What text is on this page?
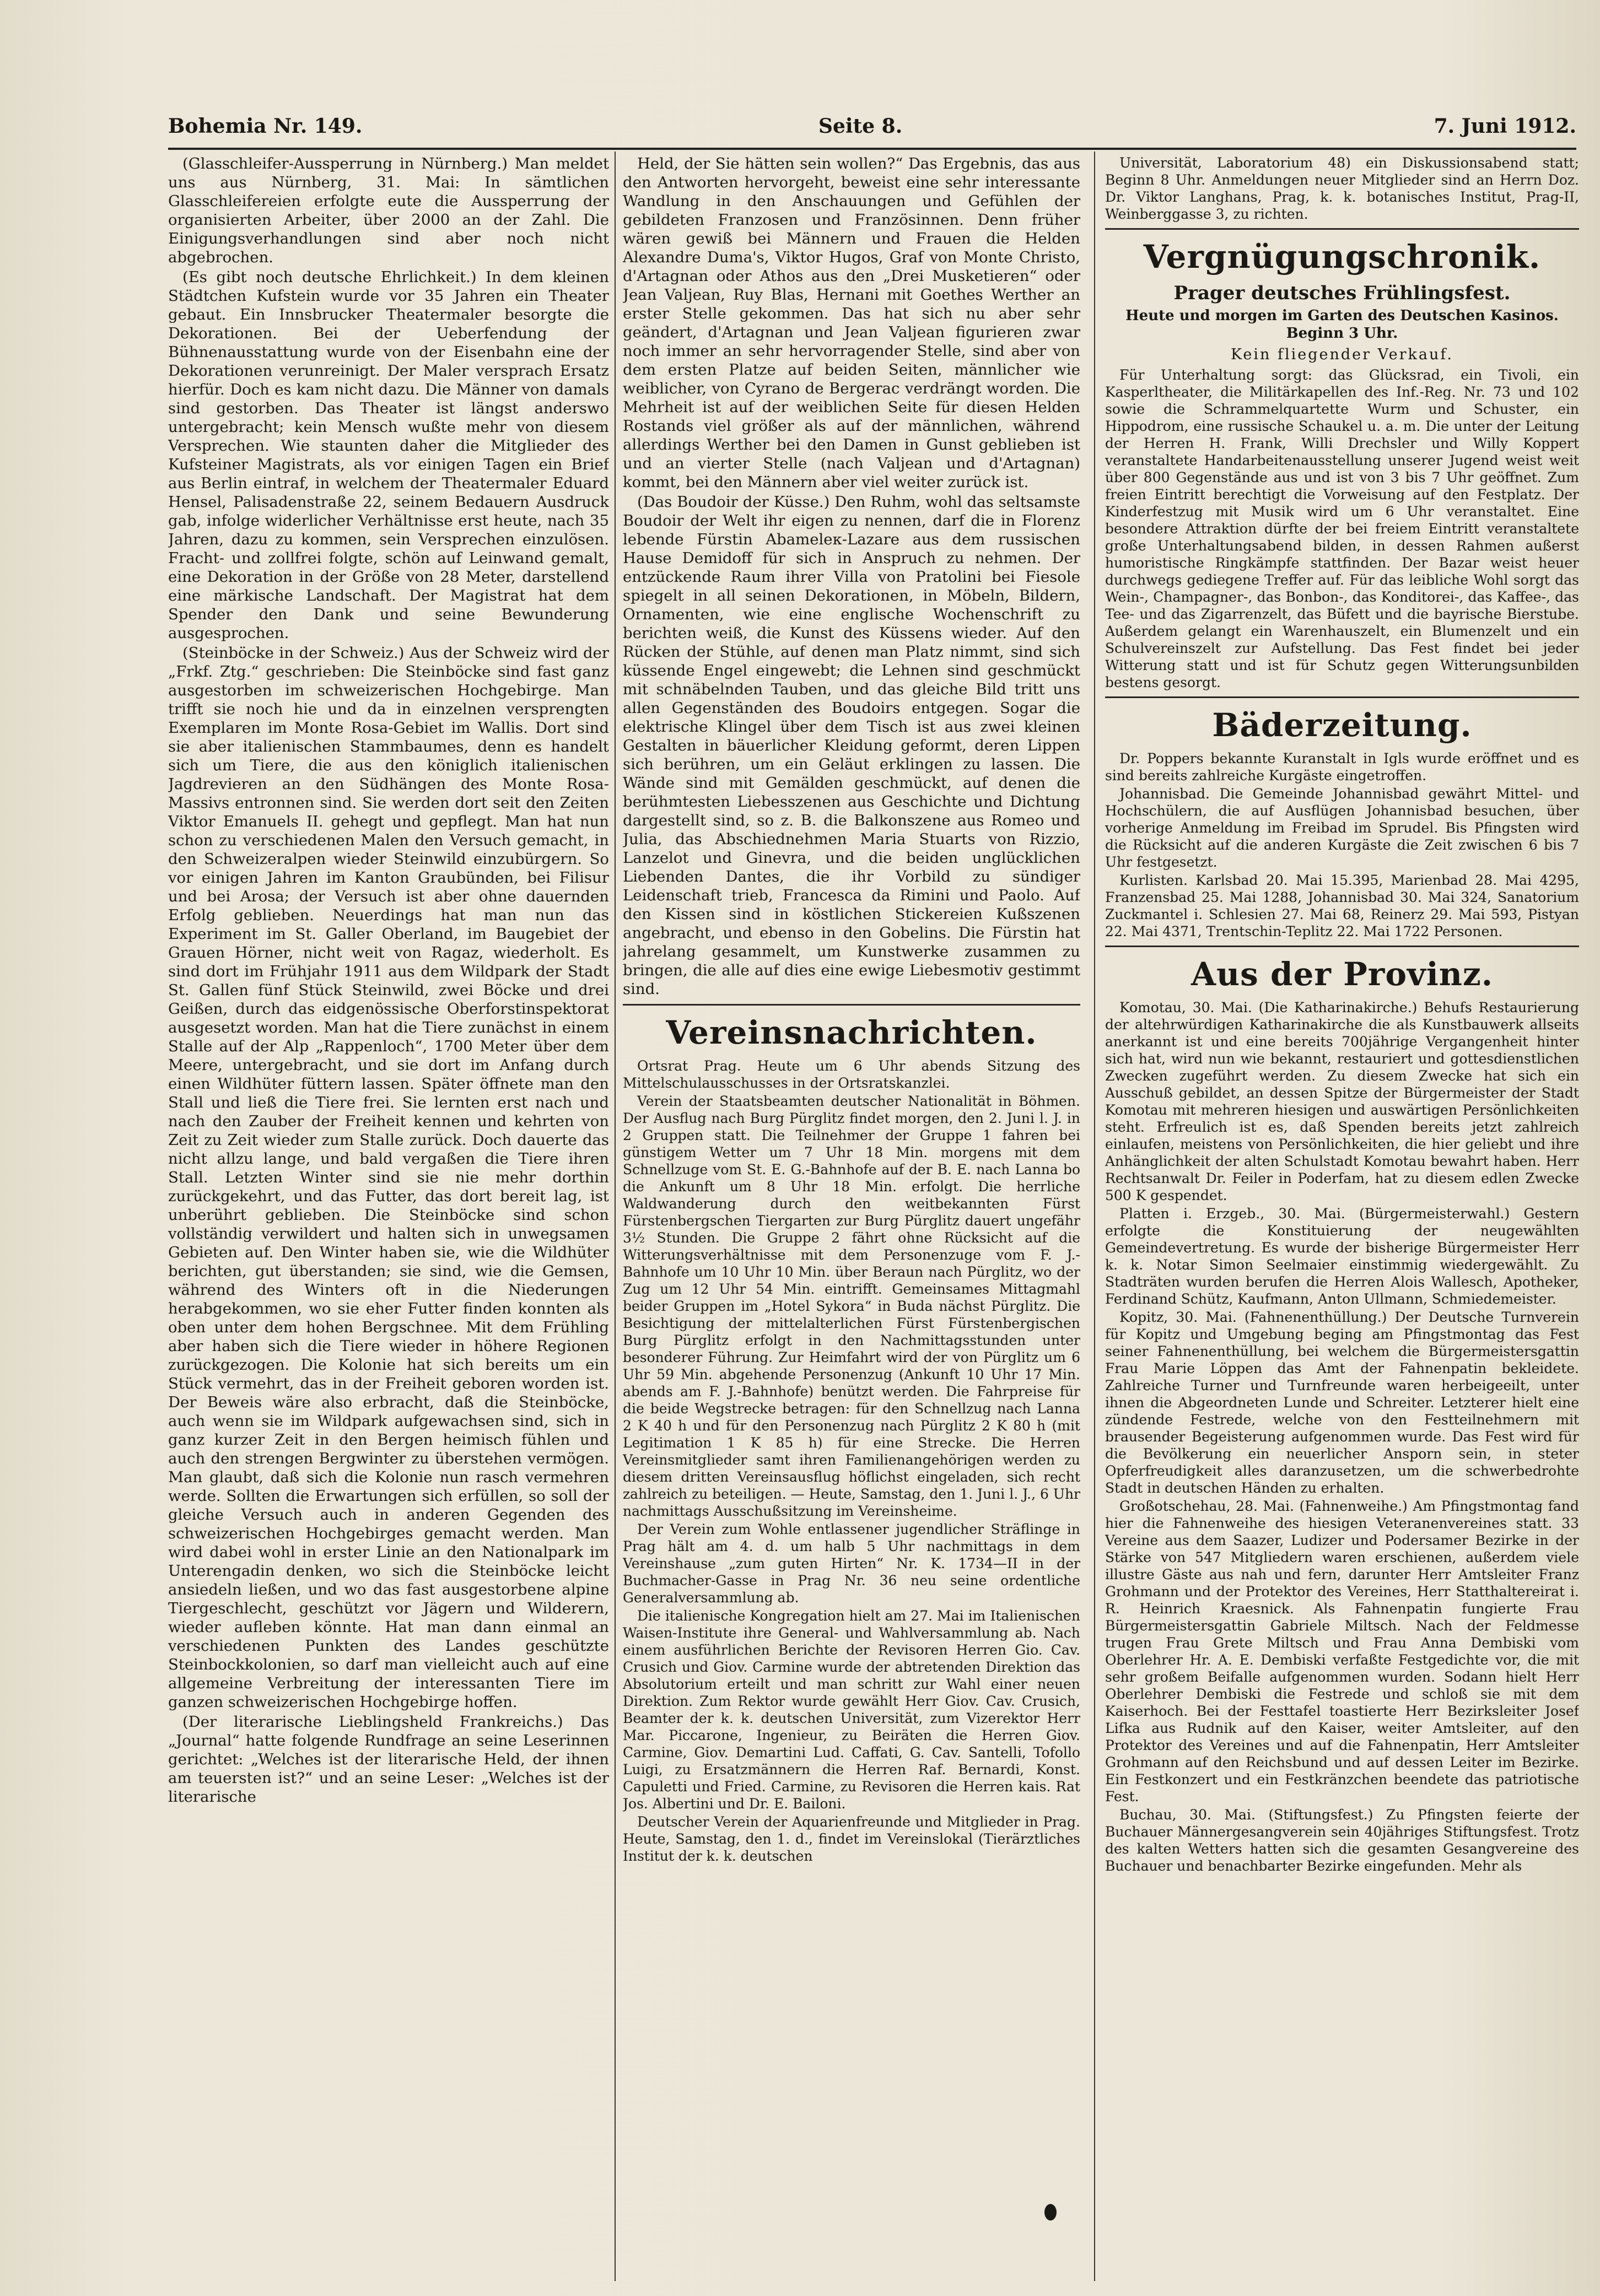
Bohemia Nr. 149.	Seite 8.	7. Juni 1912.

(Glasschleifer-Aussperrung in Nürnberg.) Man meldet uns aus Nürnberg, 31. Mai: In sämtlichen Glasschleifereien erfolgte eute die Aussperrung der organisierten Arbeiter, über 2000 an der Zahl. Die Einigungsverhandlungen sind aber noch nicht abgebrochen.

(Es gibt noch deutsche Ehrlichkeit.) In dem kleinen Städtchen Kufstein wurde vor 35 Jahren ein Theater gebaut. Ein Innsbrucker Theatermaler besorgte die Dekorationen. Bei der Ueberfendung der Bühnenausstattung wurde von der Eisenbahn eine der Dekorationen verunreinigt. Der Maler versprach Ersatz hierfür. Doch es kam nicht dazu. Die Männer von damals sind gestorben. Das Theater ist längst anderswo untergebracht; kein Mensch wußte mehr von diesem Versprechen. Wie staunten daher die Mitglieder des Kufsteiner Magistrats, als vor einigen Tagen ein Brief aus Berlin eintraf, in welchem der Theatermaler Eduard Hensel, Palisadenstraße 22, seinem Bedauern Ausdruck gab, infolge widerlicher Verhältnisse erst heute, nach 35 Jahren, dazu zu kommen, sein Versprechen einzulösen. Fracht- und zollfrei folgte, schön auf Leinwand gemalt, eine Dekoration in der Größe von 28 Meter, darstellend eine märkische Landschaft. Der Magistrat hat dem Spender den Dank und seine Bewunderung ausgesprochen.

(Steinböcke in der Schweiz.) Aus der Schweiz wird der „Frkf. Ztg.“ geschrieben: Die Steinböcke sind fast ganz ausgestorben im schweizerischen Hochgebirge. Man trifft sie noch hie und da in einzelnen versprengten Exemplaren im Monte Rosa-Gebiet im Wallis. Dort sind sie aber italienischen Stammbaumes, denn es handelt sich um Tiere, die aus den königlich italienischen Jagdrevieren an den Südhängen des Monte Rosa-Massivs entronnen sind. Sie werden dort seit den Zeiten Viktor Emanuels II. gehegt und gepflegt. Man hat nun schon zu verschiedenen Malen den Versuch gemacht, in den Schweizeralpen wieder Steinwild einzubürgern. So vor einigen Jahren im Kanton Graubünden, bei Filisur und bei Arosa; der Versuch ist aber ohne dauernden Erfolg geblieben. Neuerdings hat man nun das Experiment im St. Galler Oberland, im Baugebiet der Grauen Hörner, nicht weit von Ragaz, wiederholt. Es sind dort im Frühjahr 1911 aus dem Wildpark der Stadt St. Gallen fünf Stück Steinwild, zwei Böcke und drei Geißen, durch das eidgenössische Oberforstinspektorat ausgesetzt worden. Man hat die Tiere zunächst in einem Stalle auf der Alp „Rappenloch“, 1700 Meter über dem Meere, untergebracht, und sie dort im Anfang durch einen Wildhüter füttern lassen. Später öffnete man den Stall und ließ die Tiere frei. Sie lernten erst nach und nach den Zauber der Freiheit kennen und kehrten von Zeit zu Zeit wieder zum Stalle zurück. Doch dauerte das nicht allzu lange, und bald vergaßen die Tiere ihren Stall. Letzten Winter sind sie nie mehr dorthin zurückgekehrt, und das Futter, das dort bereit lag, ist unberührt geblieben. Die Steinböcke sind schon vollständig verwildert und halten sich in unwegsamen Gebieten auf. Den Winter haben sie, wie die Wildhüter berichten, gut überstanden; sie sind, wie die Gemsen, während des Winters oft in die Niederungen herabgekommen, wo sie eher Futter finden konnten als oben unter dem hohen Bergschnee. Mit dem Frühling aber haben sich die Tiere wieder in höhere Regionen zurückgezogen. Die Kolonie hat sich bereits um ein Stück vermehrt, das in der Freiheit geboren worden ist. Der Beweis wäre also erbracht, daß die Steinböcke, auch wenn sie im Wildpark aufgewachsen sind, sich in ganz kurzer Zeit in den Bergen heimisch fühlen und auch den strengen Bergwinter zu überstehen vermögen. Man glaubt, daß sich die Kolonie nun rasch vermehren werde. Sollten die Erwartungen sich erfüllen, so soll der gleiche Versuch auch in anderen Gegenden des schweizerischen Hochgebirges gemacht werden. Man wird dabei wohl in erster Linie an den Nationalpark im Unterengadin denken, wo sich die Steinböcke leicht ansiedeln ließen, und wo das fast ausgestorbene alpine Tiergeschlecht, geschützt vor Jägern und Wilderern, wieder aufleben könnte. Hat man dann einmal an verschiedenen Punkten des Landes geschützte Steinbockkolonien, so darf man vielleicht auch auf eine allgemeine Verbreitung der interessanten Tiere im ganzen schweizerischen Hochgebirge hoffen.

(Der literarische Lieblingsheld Frankreichs.) Das „Journal“ hatte folgende Rundfrage an seine Leserinnen gerichtet: „Welches ist der literarische Held, der ihnen am teuersten ist?“ und an seine Leser: „Welches ist der literarische

Held, der Sie hätten sein wollen?“ Das Ergebnis, das aus den Antworten hervorgeht, beweist eine sehr interessante Wandlung in den Anschauungen und Gefühlen der gebildeten Franzosen und Französinnen. Denn früher wären gewiß bei Männern und Frauen die Helden Alexandre Duma's, Viktor Hugos, Graf von Monte Christo, d'Artagnan oder Athos aus den „Drei Musketieren“ oder Jean Valjean, Ruy Blas, Hernani mit Goethes Werther an erster Stelle gekommen. Das hat sich nu aber sehr geändert, d'Artagnan und Jean Valjean figurieren zwar noch immer an sehr hervorragender Stelle, sind aber von dem ersten Platze auf beiden Seiten, männlicher wie weiblicher, von Cyrano de Bergerac verdrängt worden. Die Mehrheit ist auf der weiblichen Seite für diesen Helden Rostands viel größer als auf der männlichen, während allerdings Werther bei den Damen in Gunst geblieben ist und an vierter Stelle (nach Valjean und d'Artagnan) kommt, bei den Männern aber viel weiter zurück ist.

(Das Boudoir der Küsse.) Den Ruhm, wohl das seltsamste Boudoir der Welt ihr eigen zu nennen, darf die in Florenz lebende Fürstin Abameleк-Lazare aus dem russischen Hause Demidoff für sich in Anspruch zu nehmen. Der entzückende Raum ihrer Villa von Pratolini bei Fiesole spiegelt in all seinen Dekorationen, in Möbeln, Bildern, Ornamenten, wie eine englische Wochenschrift zu berichten weiß, die Kunst des Küssens wieder. Auf den Rücken der Stühle, auf denen man Platz nimmt, sind sich küssende Engel eingewebt; die Lehnen sind geschmückt mit schnäbelnden Tauben, und das gleiche Bild tritt uns allen Gegenständen des Boudoirs entgegen. Sogar die elektrische Klingel über dem Tisch ist aus zwei kleinen Gestalten in bäuerlicher Kleidung geformt, deren Lippen sich berühren, um ein Geläut erklingen zu lassen. Die Wände sind mit Gemälden geschmückt, auf denen die berühmtesten Liebesszenen aus Geschichte und Dichtung dargestellt sind, so z. B. die Balkonszene aus Romeo und Julia, das Abschiednehmen Maria Stuarts von Rizzio, Lanzelot und Ginevra, und die beiden unglücklichen Liebenden Dantes, die ihr Vorbild zu sündiger Leidenschaft trieb, Francesca da Rimini und Paolo. Auf den Kissen sind in köstlichen Stickereien Kußszenen angebracht, und ebenso in den Gobelins. Die Fürstin hat jahrelang gesammelt, um Kunstwerke zusammen zu bringen, die alle auf dies eine ewige Liebesmotiv gestimmt sind.

Vereinsnachrichten.

Ortsrat Prag. Heute um 6 Uhr abends Sitzung des Mittelschulausschusses in der Ortsratskanzlei.

Verein der Staatsbeamten deutscher Nationalität in Böhmen. Der Ausflug nach Burg Pürglitz findet morgen, den 2. Juni l. J. in 2 Gruppen statt. Die Teilnehmer der Gruppe 1 fahren bei günstigem Wetter um 7 Uhr 18 Min. morgens mit dem Schnellzuge vom St. E. G.-Bahnhofe auf der B. E. nach Lanna bo die Ankunft um 8 Uhr 18 Min. erfolgt. Die herrliche Waldwanderung durch den weitbekannten Fürst Fürstenbergschen Tiergarten zur Burg Pürglitz dauert ungefähr 3½ Stunden. Die Gruppe 2 fährt ohne Rücksicht auf die Witterungsverhältnisse mit dem Personenzuge vom F. J.-Bahnhofe um 10 Uhr 10 Min. über Beraun nach Pürglitz, wo der Zug um 12 Uhr 54 Min. eintrifft. Gemeinsames Mittagmahl beider Gruppen im „Hotel Sykora“ in Buda nächst Pürglitz. Die Besichtigung der mittelalterlichen Fürst Fürstenbergischen Burg Pürglitz erfolgt in den Nachmittagsstunden unter besonderer Führung. Zur Heimfahrt wird der von Pürglitz um 6 Uhr 59 Min. abgehende Personenzug (Ankunft 10 Uhr 17 Min. abends am F. J.-Bahnhofe) benützt werden. Die Fahrpreise für die beide Wegstrecke betragen: für den Schnellzug nach Lanna 2 K 40 h und für den Personenzug nach Pürglitz 2 K 80 h (mit Legitimation 1 K 85 h) für eine Strecke. Die Herren Vereinsmitglieder samt ihren Familienangehörigen werden zu diesem dritten Vereinsausflug höflichst eingeladen, sich recht zahlreich zu beteiligen. — Heute, Samstag, den 1. Juni l. J., 6 Uhr nachmittags Ausschußsitzung im Vereinsheime.

Der Verein zum Wohle entlassener jugendlicher Sträflinge in Prag hält am 4. d. um halb 5 Uhr nachmittags in dem Vereinshause „zum guten Hirten“ Nr. K. 1734—II in der Buchmacher-Gasse in Prag Nr. 36 neu seine ordentliche Generalversammlung ab.

Die italienische Kongregation hielt am 27. Mai im Italienischen Waisen-Institute ihre General- und Wahlversammlung ab. Nach einem ausführlichen Berichte der Revisoren Herren Gio. Cav. Crusich und Giov. Carmine wurde der abtretenden Direktion das Absolutorium erteilt und man schritt zur Wahl einer neuen Direktion. Zum Rektor wurde gewählt Herr Giov. Cav. Crusich, Beamter der k. k. deutschen Universität, zum Vizerektor Herr Mar. Piccarone, Ingenieur, zu Beiräten die Herren Giov. Carmine, Giov. Demartini Lud. Caffati, G. Cav. Santelli, Tofollo Luigi, zu Ersatzmännern die Herren Raf. Bernardi, Konst. Capuletti und Fried. Carmine, zu Revisoren die Herren kais. Rat Jos. Albertini und Dr. E. Bailoni.

Deutscher Verein der Aquarienfreunde und Mitglieder in Prag. Heute, Samstag, den 1. d., findet im Vereinslokal (Tierärztliches Institut der k. k. deutschen

Universität, Laboratorium 48) ein Diskussionsabend statt; Beginn 8 Uhr. Anmeldungen neuer Mitglieder sind an Herrn Doz. Dr. Viktor Langhans, Prag, k. k. botanisches Institut, Prag-II, Weinberggasse 3, zu richten.

Vergnügungschronik.
Prager deutsches Frühlingsfest.
Heute und morgen im Garten des Deutschen Kasinos. Beginn 3 Uhr.
Kein fliegender Verkauf.

Für Unterhaltung sorgt: das Glücksrad, ein Tivoli, ein Kasperltheater, die Militärkapellen des Inf.-Reg. Nr. 73 und 102 sowie die Schrammelquartette Wurm und Schuster, ein Hippodrom, eine russische Schaukel u. a. m. Die unter der Leitung der Herren H. Frank, Willi Drechsler und Willy Koppert veranstaltete Handarbeitenausstellung unserer Jugend weist weit über 800 Gegenstände aus und ist von 3 bis 7 Uhr geöffnet. Zum freien Eintritt berechtigt die Vorweisung auf den Festplatz. Der Kinderfestzug mit Musik wird um 6 Uhr veranstaltet. Eine besondere Attraktion dürfte der bei freiem Eintritt veranstaltete große Unterhaltungsabend bilden, in dessen Rahmen außerst humoristische Ringkämpfe stattfinden. Der Bazar weist heuer durchwegs gediegene Treffer auf. Für das leibliche Wohl sorgt das Wein-, Champagner-, das Bonbon-, das Konditorei-, das Kaffee-, das Tee- und das Zigarrenzelt, das Büfett und die bayrische Bierstube. Außerdem gelangt ein Warenhauszelt, ein Blumenzelt und ein Schulvereinszelt zur Aufstellung. Das Fest findet bei jeder Witterung statt und ist für Schutz gegen Witterungsunbilden bestens gesorgt.

Bäderzeitung.

Dr. Poppers bekannte Kuranstalt in Igls wurde eröffnet und es sind bereits zahlreiche Kurgäste eingetroffen.

Johannisbad. Die Gemeinde Johannisbad gewährt Mittel- und Hochschülern, die auf Ausflügen Johannisbad besuchen, über vorherige Anmeldung im Freibad im Sprudel. Bis Pfingsten wird die Rücksicht auf die anderen Kurgäste die Zeit zwischen 6 bis 7 Uhr festgesetzt.

Kurlisten. Karlsbad 20. Mai 15.395, Marienbad 28. Mai 4295, Franzensbad 25. Mai 1288, Johannisbad 30. Mai 324, Sanatorium Zuckmantel i. Schlesien 27. Mai 68, Reinerz 29. Mai 593, Pistyan 22. Mai 4371, Trentschin-Teplitz 22. Mai 1722 Personen.

Aus der Provinz.

Komotau, 30. Mai. (Die Katharinakirche.) Behufs Restaurierung der altehrwürdigen Katharinakirche die als Kunstbauwerk allseits anerkannt ist und eine bereits 700jährige Vergangenheit hinter sich hat, wird nun wie bekannt, restauriert und gottesdienstlichen Zwecken zugeführt werden. Zu diesem Zwecke hat sich ein Ausschuß gebildet, an dessen Spitze der Bürgermeister der Stadt Komotau mit mehreren hiesigen und auswärtigen Persönlichkeiten steht. Erfreulich ist es, daß Spenden bereits jetzt zahlreich einlaufen, meistens von Persönlichkeiten, die hier geliebt und ihre Anhänglichkeit der alten Schulstadt Komotau bewahrt haben. Herr Rechtsanwalt Dr. Feiler in Poderfam, hat zu diesem edlen Zwecke 500 K gespendet.

Platten i. Erzgeb., 30. Mai. (Bürgermeisterwahl.) Gestern erfolgte die Konstituierung der neugewählten Gemeindevertretung. Es wurde der bisherige Bürgermeister Herr k. k. Notar Simon Seelmaier einstimmig wiedergewählt. Zu Stadträten wurden berufen die Herren Alois Wallesch, Apotheker, Ferdinand Schütz, Kaufmann, Anton Ullmann, Schmiedemeister.

Kopitz, 30. Mai. (Fahnenenthüllung.) Der Deutsche Turnverein für Kopitz und Umgebung beging am Pfingstmontag das Fest seiner Fahnenenthüllung, bei welchem die Bürgermeistersgattin Frau Marie Löppen das Amt der Fahnenpatin bekleidete. Zahlreiche Turner und Turnfreunde waren herbeigeeilt, unter ihnen die Abgeordneten Lunde und Schreiter. Letzterer hielt eine zündende Festrede, welche von den Festteilnehmern mit brausender Begeisterung aufgenommen wurde. Das Fest wird für die Bevölkerung ein neuerlicher Ansporn sein, in steter Opferfreudigkeit alles daranzusetzen, um die schwerbedrohte Stadt in deutschen Händen zu erhalten.

Großotschehau, 28. Mai. (Fahnenweihe.) Am Pfingstmontag fand hier die Fahnenweihe des hiesigen Veteranenvereines statt. 33 Vereine aus dem Saazer, Ludizer und Podersamer Bezirke in der Stärke von 547 Mitgliedern waren erschienen, außerdem viele illustre Gäste aus nah und fern, darunter Herr Amtsleiter Franz Grohmann und der Protektor des Vereines, Herr Statthaltereirat i. R. Heinrich Kraesnick. Als Fahnenpatin fungierte Frau Bürgermeistersgattin Gabriele Miltsch. Nach der Feldmesse trugen Frau Grete Miltsch und Frau Anna Dembiski vom Oberlehrer Hr. A. E. Dembiski verfaßte Festgedichte vor, die mit sehr großem Beifalle aufgenommen wurden. Sodann hielt Herr Oberlehrer Dembiski die Festrede und schloß sie mit dem Kaiserhoch. Bei der Festtafel toastierte Herr Bezirksleiter Josef Lifka aus Rudnik auf den Kaiser, weiter Amtsleiter, auf den Protektor des Vereines und auf die Fahnenpatin, Herr Amtsleiter Grohmann auf den Reichsbund und auf dessen Leiter im Bezirke. Ein Festkonzert und ein Festkränzchen beendete das patriotische Fest.

Buchau, 30. Mai. (Stiftungsfest.) Zu Pfingsten feierte der Buchauer Männergesangverein sein 40jähriges Stiftungsfest. Trotz des kalten Wetters hatten sich die gesamten Gesangvereine des Buchauer und benachbarter Bezirke eingefunden. Mehr als
